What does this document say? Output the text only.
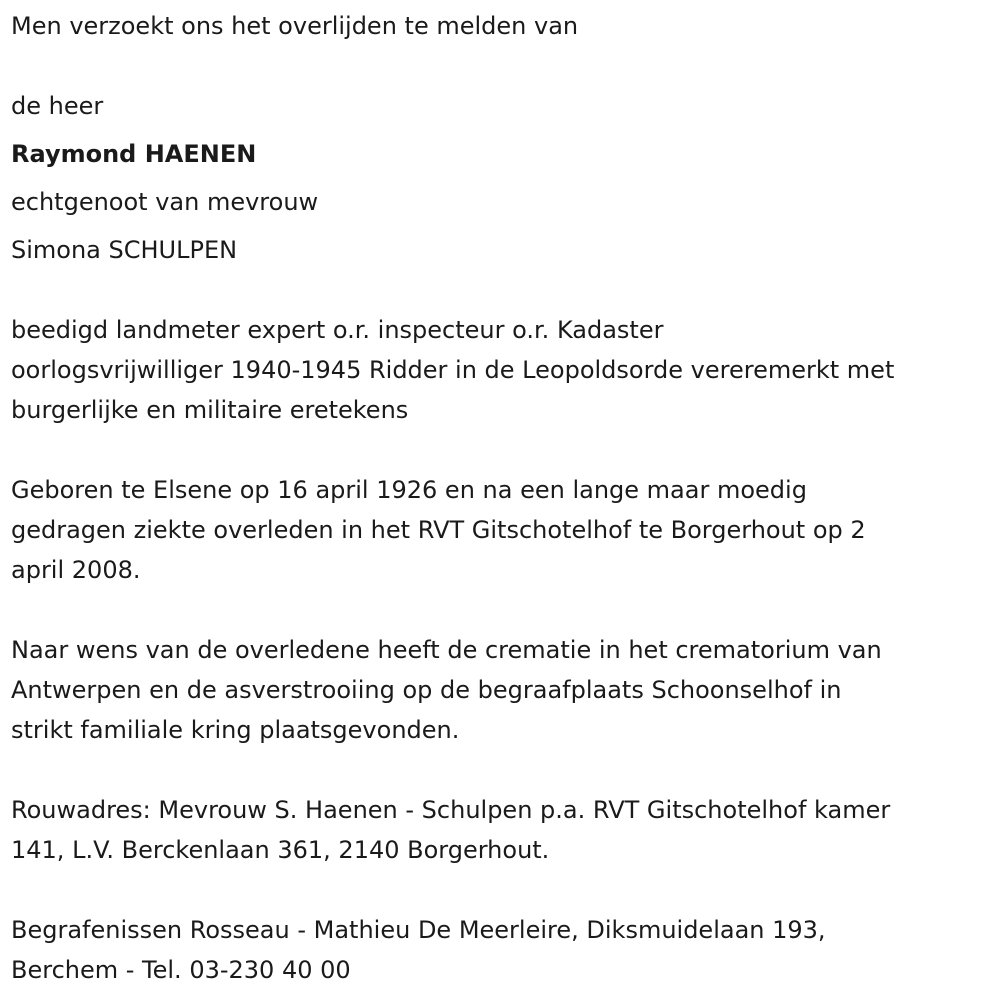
Men verzoekt ons het overlijden te melden van
de heer
Raymond HAENEN
echtgenoot van mevrouw
Simona SCHULPEN
beedigd landmeter expert o.r. inspecteur o.r. Kadaster
oorlogsvrijwilliger 1940-1945 Ridder in de Leopoldsorde vereremerkt met
burgerlijke en militaire eretekens
Geboren te Elsene op 16 april 1926 en na een lange maar moedig
gedragen ziekte overleden in het RVT Gitschotelhof te Borgerhout op 2
april 2008.
Naar wens van de overledene heeft de crematie in het crematorium van
Antwerpen en de asverstrooiing op de begraafplaats Schoonselhof in
strikt familiale kring plaatsgevonden.
Rouwadres: Mevrouw S. Haenen - Schulpen p.a. RVT Gitschotelhof kamer
141, L.V. Berckenlaan 361, 2140 Borgerhout.
Begrafenissen Rosseau - Mathieu De Meerleire, Diksmuidelaan 193,
Berchem - Tel. 03-230 40 00
